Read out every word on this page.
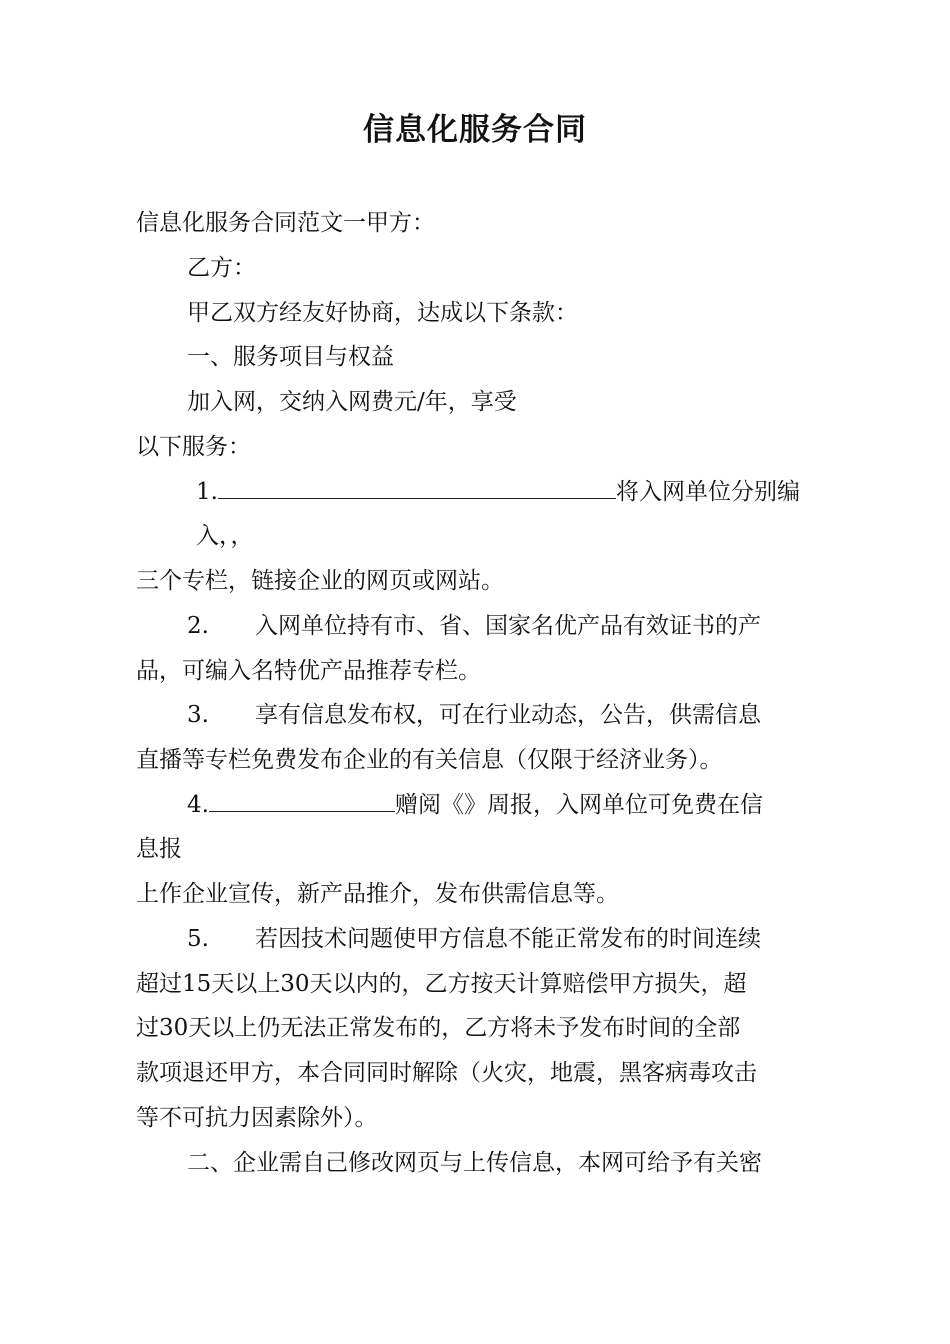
信息化服务合同
信息化服务合同范文一甲方：
乙方：
甲乙双方经友好协商，达成以下条款：
一、服务项目与权益
加入网，交纳入网费元/年，享受
以下服务：
1.	将入网单位分别编
入，，
三个专栏，链接企业的网页或网站。
2.　　入网单位持有市、省、国家名优产品有效证书的产
品，可编入名特优产品推荐专栏。
3.　　享有信息发布权，可在行业动态，公告，供需信息
直播等专栏免费发布企业的有关信息（仅限于经济业务）。
4.	赠阅《》周报，入网单位可免费在信
息报
上作企业宣传，新产品推介，发布供需信息等。
5.　　若因技术问题使甲方信息不能正常发布的时间连续
超过15天以上30天以内的，乙方按天计算赔偿甲方损失，超
过30天以上仍无法正常发布的，乙方将未予发布时间的全部
款项退还甲方，本合同同时解除（火灾，地震，黑客病毒攻击
等不可抗力因素除外）。
二、企业需自己修改网页与上传信息，本网可给予有关密
